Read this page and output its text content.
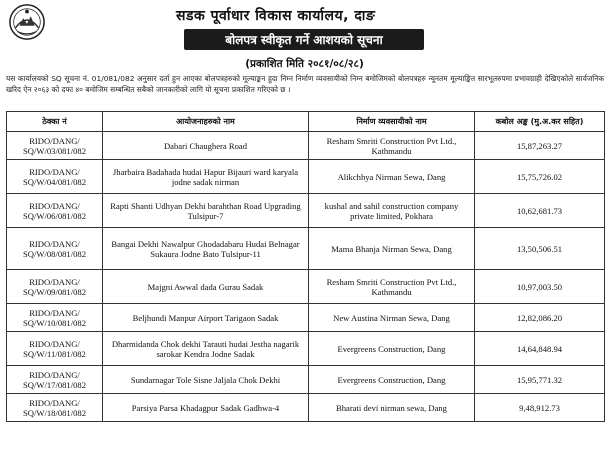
सडक पूर्वाधार विकास कार्यालय, दाङ
बोलपत्र स्वीकृत गर्ने आशयको सूचना
(प्रकाशित मिति २०८१/०८/२८)
यस कार्यालयको SQ सूचना नं. 01/081/082 अनुसार दर्ता हुन आएका बोलपत्रहरुको मूल्याङ्कन हुदा निम्न निर्माण व्यवसायीको निम्न बमोजिमको बोलपत्रहरु न्यूनतम मूल्याङ्कित सारभूतरुपमा प्रभावग्राही देखिएकोले सार्वजनिक खरिद ऐन २०६३ को दफा ४० बमोजिम सम्बन्धित सबैको जानकारीको लागि यो सूचना प्रकाशित गरिएको छ ।
ठेक्का नं	आयोजनाहरुको नाम	निर्माण व्यवसायीको नाम	कबोल अङ्क (मु.अ.कर सहित)
RIDO/DANG/
SQ/W/03/081/082	Dabari Chaughera Road	Resham Smriti Construction Pvt Ltd., Kathmandu	15,87,263.27
RIDO/DANG/
SQ/W/04/081/082	Jharbaira Badahada hudai Hapur Bijauri ward karyala jodne sadak nirman	Alikchhya Nirman Sewa, Dang	15,75,726.02
RIDO/DANG/
SQ/W/06/081/082	Rapti Shanti Udhyan Dekhi barahthan Road Upgrading Tulsipur-7	kushal and sahil construction company private limited, Pokhara	10,62,681.73
RIDO/DANG/
SQ/W/08/081/082	Bangai Dekhi Nawalpur Ghodadabaru Hudai Belnagar Sukaura Jodne Bato Tulsipur-11	Mama Bhanja Nirman Sewa, Dang	13,50,506.51
RIDO/DANG/
SQ/W/09/081/082	Majgni Awwal dada Gurau Sadak	Resham Smriti Construction Pvt Ltd., Kathmandu	10,97,003.50
RIDO/DANG/
SQ/W/10/081/082	Beljhundi Manpur Airport Tarigaon Sadak	New Austina Nirman Sewa, Dang	12,82,086.20
RIDO/DANG/
SQ/W/11/081/082	Dharmidanda Chok dekhi Tarauti hudai Jestha nagarik sarokar Kendra Jodne Sadak	Evergreens Construction, Dang	14,64,848.94
RIDO/DANG/
SQ/W/17/081/082	Sundarnagar Tole Sisne Jaljala Chok Dekhi	Evergreens Construction, Dang	15,95,771.32
RIDO/DANG/
SQ/W/18/081/082	Parsiya Parsa Khadagpur Sadak Gadhwa-4	Bharati devi nirman sewa, Dang	9,48,912.73
